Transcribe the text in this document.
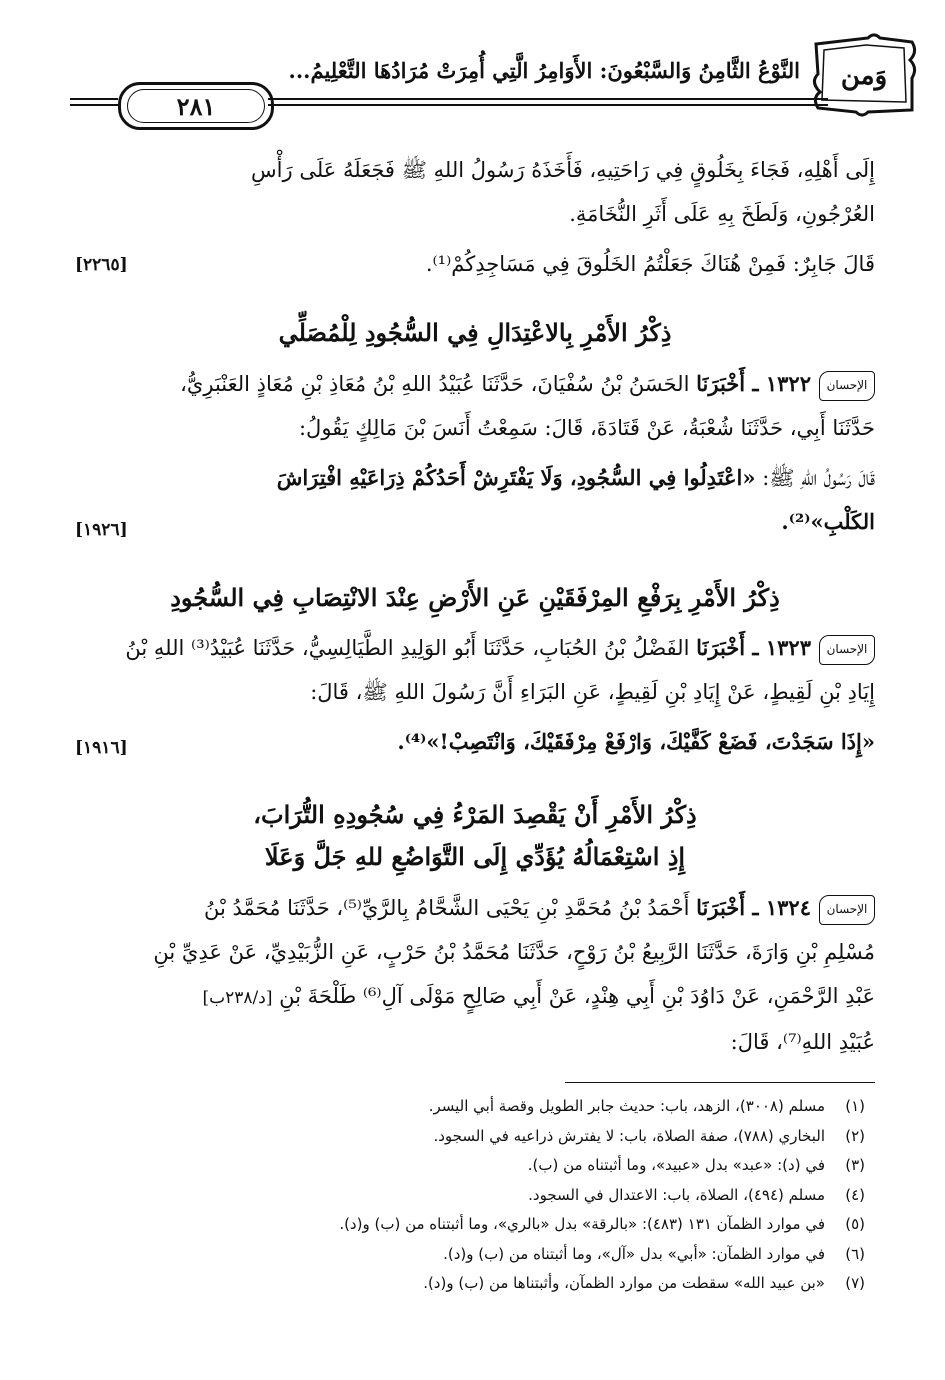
وَمن
النَّوْعُ الثَّامِنُ وَالسَّبْعُونَ: الأَوَامِرُ الَّتِي أُمِرَتْ مُرَادُهَا التَّعْلِيمُ...
٢٨١
إِلَى أَهْلِهِ، فَجَاءَ بِخَلُوقٍ فِي رَاحَتِيهِ، فَأَخَذَهُ رَسُولُ اللهِ ﷺ فَجَعَلَهُ عَلَى رَأْسِ
العُرْجُونِ، وَلَطَخَ بِهِ عَلَى أَثَرِ النُّخَامَةِ.
قَالَ جَابِرٌ: فَمِنْ هُنَاكَ جَعَلْتُمُ الخَلُوقَ فِي مَسَاجِدِكُمْ⁽¹⁾.
[٢٢٦٥]
ذِكْرُ الأَمْرِ بِالاعْتِدَالِ فِي السُّجُودِ لِلْمُصَلِّي
الإحسان١٣٢٢ ـ أَخْبَرَنَا الحَسَنُ بْنُ سُفْيَانَ، حَدَّثَنَا عُبَيْدُ اللهِ بْنُ مُعَاذِ بْنِ مُعَاذٍ العَنْبَرِيُّ،
حَدَّثَنَا أَبِي، حَدَّثَنَا شُعْبَةُ، عَنْ قَتَادَةَ، قَالَ: سَمِعْتُ أَنَسَ بْنَ مَالِكٍ يَقُولُ:
قَالَ رَسُولُ اللهِ ﷺ: «اعْتَدِلُوا فِي السُّجُودِ، وَلَا يَفْتَرِشْ أَحَدُكُمْ ذِرَاعَيْهِ افْتِرَاشَ
الكَلْبِ»⁽²⁾.
[١٩٢٦]
ذِكْرُ الأَمْرِ بِرَفْعِ المِرْفَقَيْنِ عَنِ الأَرْضِ عِنْدَ الانْتِصَابِ فِي السُّجُودِ
الإحسان١٣٢٣ ـ أَخْبَرَنَا الفَضْلُ بْنُ الحُبَابِ، حَدَّثَنَا أَبُو الوَلِيدِ الطَّيَالِسِيُّ، حَدَّثَنَا عُبَيْدُ⁽³⁾ اللهِ بْنُ
إِيَادِ بْنِ لَقِيطٍ، عَنْ إِيَادِ بْنِ لَقِيطٍ، عَنِ البَرَاءِ أَنَّ رَسُولَ اللهِ ﷺ، قَالَ:
«إِذَا سَجَدْتَ، فَضَعْ كَفَّيْكَ، وَارْفَعْ مِرْفَقَيْكَ، وَانْتَصِبْ!»⁽⁴⁾.
[١٩١٦]
ذِكْرُ الأَمْرِ أَنْ يَقْصِدَ المَرْءُ فِي سُجُودِهِ التُّرَابَ،
إِذِ اسْتِعْمَالُهُ يُؤَدِّي إِلَى التَّوَاضُعِ للهِ جَلَّ وَعَلَا
الإحسان١٣٢٤ ـ أَخْبَرَنَا أَحْمَدُ بْنُ مُحَمَّدِ بْنِ يَحْيَى الشَّحَّامُ بِالرَّيِّ⁽⁵⁾، حَدَّثَنَا مُحَمَّدُ بْنُ
مُسْلِمِ بْنِ وَارَةَ، حَدَّثَنَا الرَّبِيعُ بْنُ رَوْحٍ، حَدَّثَنَا مُحَمَّدُ بْنُ حَرْبٍ، عَنِ الزُّبَيْدِيِّ، عَنْ عَدِيِّ بْنِ
عَبْدِ الرَّحْمَنِ، عَنْ دَاوُدَ بْنِ أَبِي هِنْدٍ، عَنْ أَبِي صَالِحٍ مَوْلَى آلِ⁽⁶⁾ طَلْحَةَ بْنِ [د/٢٣٨ب]
عُبَيْدِ اللهِ⁽⁷⁾، قَالَ:
(١)
مسلم (٣٠٠٨)، الزهد، باب: حديث جابر الطويل وقصة أبي اليسر.
(٢)
البخاري (٧٨٨)، صفة الصلاة، باب: لا يفترش ذراعيه في السجود.
(٣)
في (د): «عبد» بدل «عبيد»، وما أثبتناه من (ب).
(٤)
مسلم (٤٩٤)، الصلاة، باب: الاعتدال في السجود.
(٥)
في موارد الظمآن ١٣١ (٤٨٣): «بالرقة» بدل «بالري»، وما أثبتناه من (ب) و(د).
(٦)
في موارد الظمآن: «أبي» بدل «آل»، وما أثبتناه من (ب) و(د).
(٧)
«بن عبيد الله» سقطت من موارد الظمآن، وأثبتناها من (ب) و(د).
